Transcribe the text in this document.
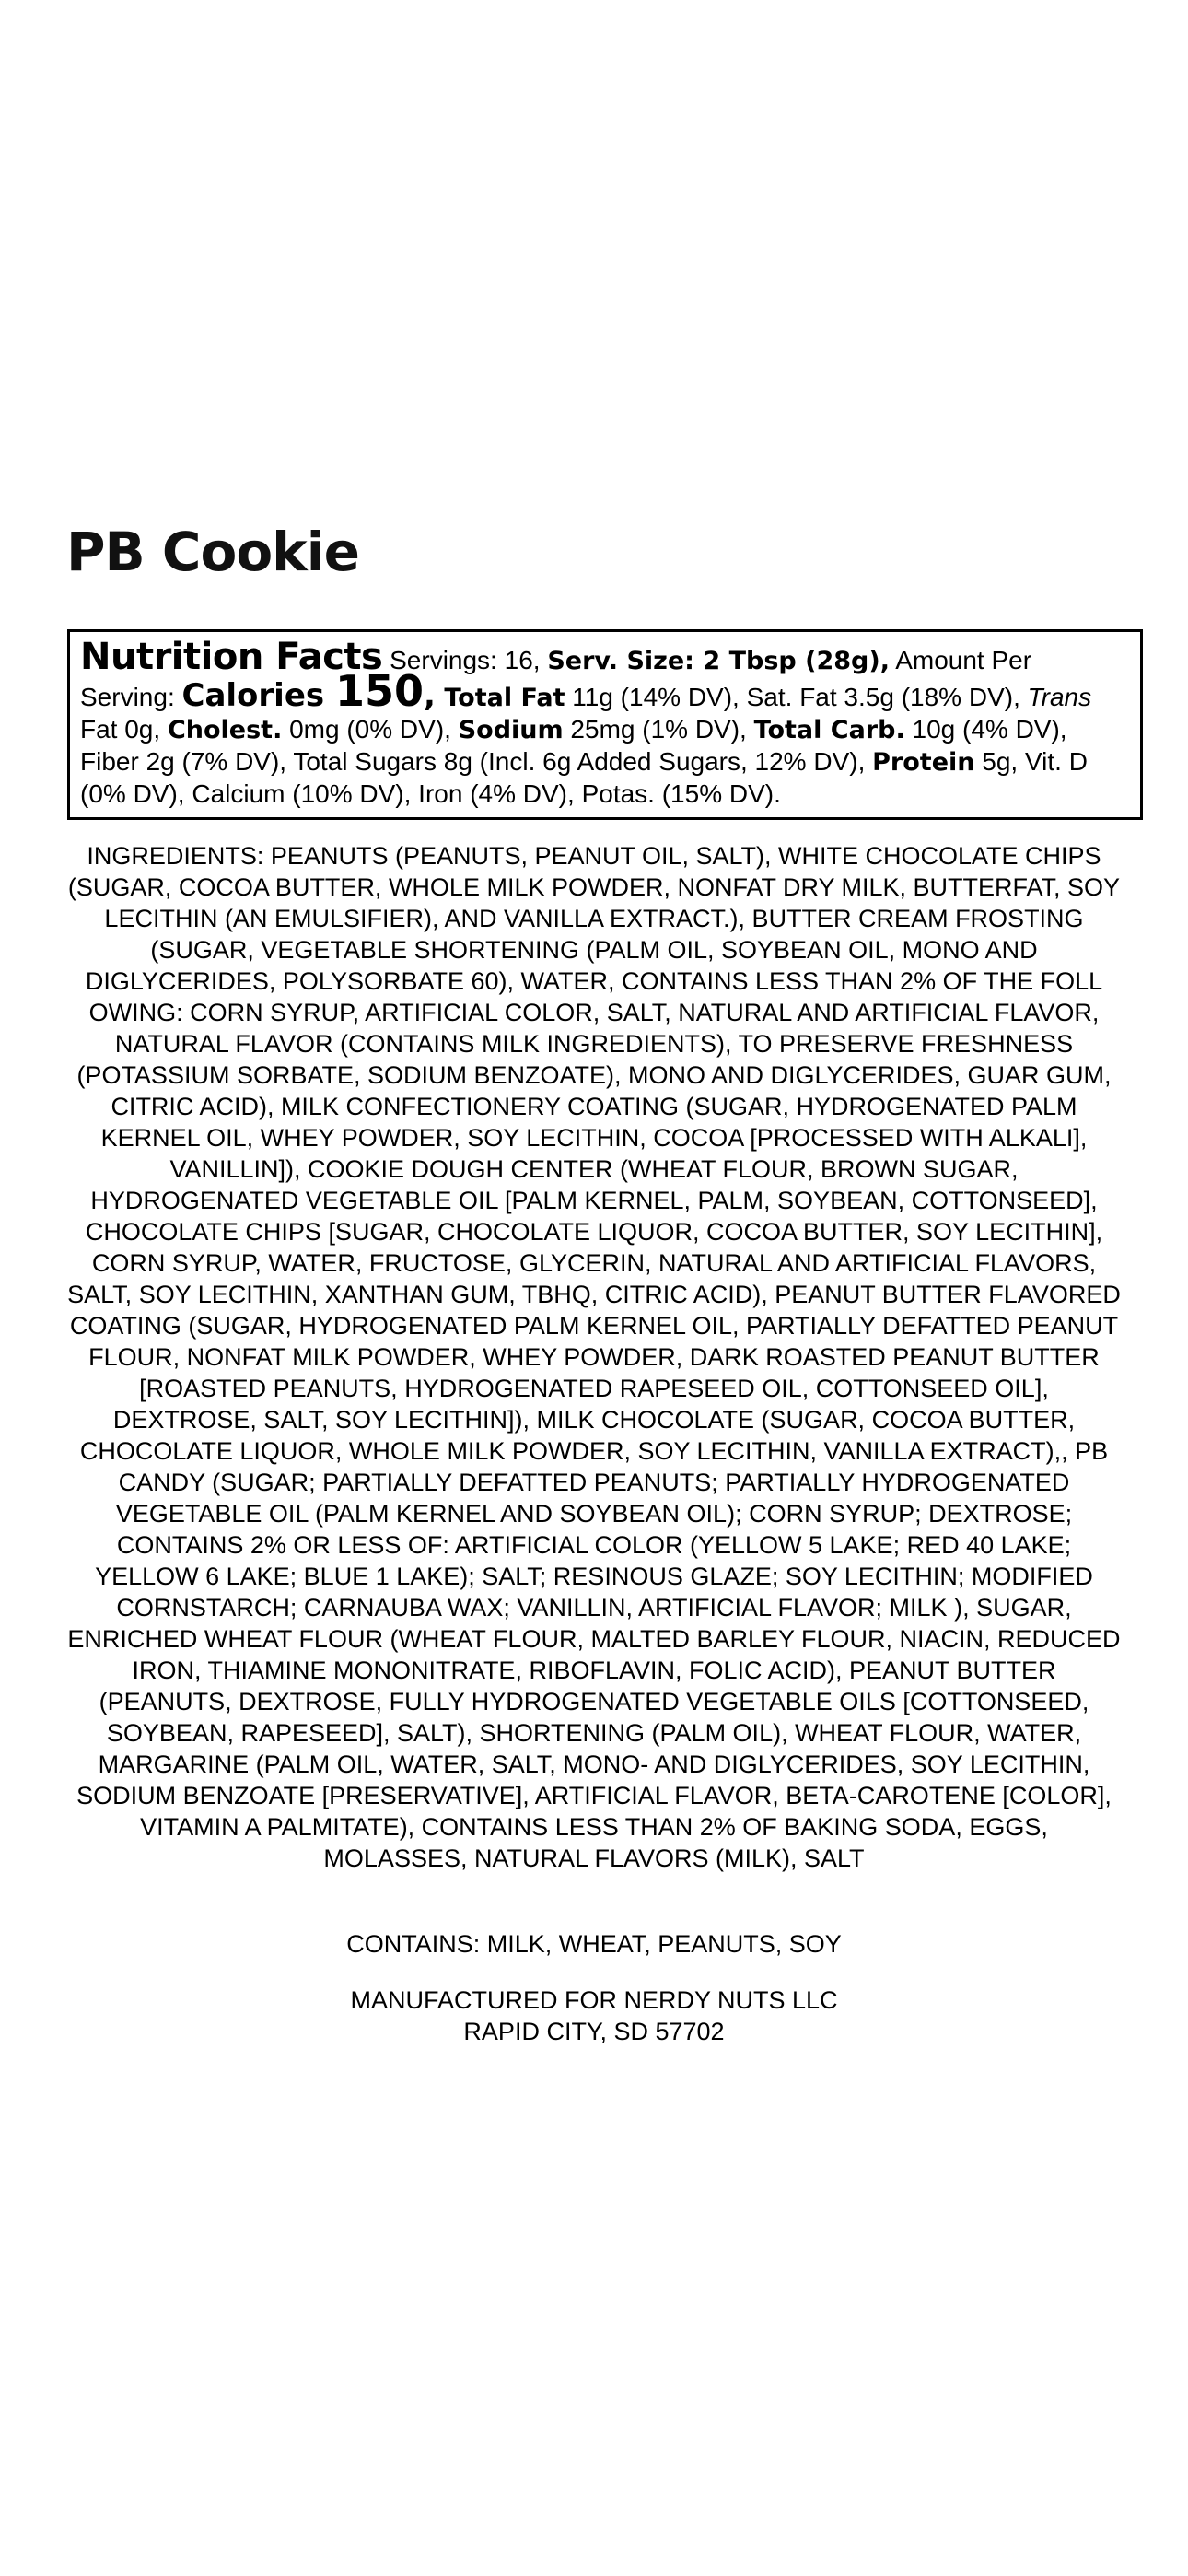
PB Cookie

Nutrition Facts Servings: 16, Serv. Size: 2 Tbsp (28g), Amount Per Serving: Calories 150, Total Fat 11g (14% DV), Sat. Fat 3.5g (18% DV), Trans Fat 0g, Cholest. 0mg (0% DV), Sodium 25mg (1% DV), Total Carb. 10g (4% DV), Fiber 2g (7% DV), Total Sugars 8g (Incl. 6g Added Sugars, 12% DV), Protein 5g, Vit. D (0% DV), Calcium (10% DV), Iron (4% DV), Potas. (15% DV).

INGREDIENTS: PEANUTS (PEANUTS, PEANUT OIL, SALT), WHITE CHOCOLATE CHIPS (SUGAR, COCOA BUTTER, WHOLE MILK POWDER, NONFAT DRY MILK, BUTTERFAT, SOY LECITHIN (AN EMULSIFIER), AND VANILLA EXTRACT.), BUTTER CREAM FROSTING (SUGAR, VEGETABLE SHORTENING (PALM OIL, SOYBEAN OIL, MONO AND DIGLYCERIDES, POLYSORBATE 60), WATER, CONTAINS LESS THAN 2% OF THE FOLL OWING: CORN SYRUP, ARTIFICIAL COLOR, SALT, NATURAL AND ARTIFICIAL FLAVOR, NATURAL FLAVOR (CONTAINS MILK INGREDIENTS), TO PRESERVE FRESHNESS (POTASSIUM SORBATE, SODIUM BENZOATE), MONO AND DIGLYCERIDES, GUAR GUM, CITRIC ACID), MILK CONFECTIONERY COATING (SUGAR, HYDROGENATED PALM KERNEL OIL, WHEY POWDER, SOY LECITHIN, COCOA [PROCESSED WITH ALKALI], VANILLIN]), COOKIE DOUGH CENTER (WHEAT FLOUR, BROWN SUGAR, HYDROGENATED VEGETABLE OIL [PALM KERNEL, PALM, SOYBEAN, COTTONSEED], CHOCOLATE CHIPS [SUGAR, CHOCOLATE LIQUOR, COCOA BUTTER, SOY LECITHIN], CORN SYRUP, WATER, FRUCTOSE, GLYCERIN, NATURAL AND ARTIFICIAL FLAVORS, SALT, SOY LECITHIN, XANTHAN GUM, TBHQ, CITRIC ACID), PEANUT BUTTER FLAVORED COATING (SUGAR, HYDROGENATED PALM KERNEL OIL, PARTIALLY DEFATTED PEANUT FLOUR, NONFAT MILK POWDER, WHEY POWDER, DARK ROASTED PEANUT BUTTER [ROASTED PEANUTS, HYDROGENATED RAPESEED OIL, COTTONSEED OIL], DEXTROSE, SALT, SOY LECITHIN]), MILK CHOCOLATE (SUGAR, COCOA BUTTER, CHOCOLATE LIQUOR, WHOLE MILK POWDER, SOY LECITHIN, VANILLA EXTRACT),, PB CANDY (SUGAR; PARTIALLY DEFATTED PEANUTS; PARTIALLY HYDROGENATED VEGETABLE OIL (PALM KERNEL AND SOYBEAN OIL); CORN SYRUP; DEXTROSE; CONTAINS 2% OR LESS OF: ARTIFICIAL COLOR (YELLOW 5 LAKE; RED 40 LAKE; YELLOW 6 LAKE; BLUE 1 LAKE); SALT; RESINOUS GLAZE; SOY LECITHIN; MODIFIED CORNSTARCH; CARNAUBA WAX; VANILLIN, ARTIFICIAL FLAVOR; MILK ), SUGAR, ENRICHED WHEAT FLOUR (WHEAT FLOUR, MALTED BARLEY FLOUR, NIACIN, REDUCED IRON, THIAMINE MONONITRATE, RIBOFLAVIN, FOLIC ACID), PEANUT BUTTER (PEANUTS, DEXTROSE, FULLY HYDROGENATED VEGETABLE OILS [COTTONSEED, SOYBEAN, RAPESEED], SALT), SHORTENING (PALM OIL), WHEAT FLOUR, WATER, MARGARINE (PALM OIL, WATER, SALT, MONO- AND DIGLYCERIDES, SOY LECITHIN, SODIUM BENZOATE [PRESERVATIVE], ARTIFICIAL FLAVOR, BETA-CAROTENE [COLOR], VITAMIN A PALMITATE), CONTAINS LESS THAN 2% OF BAKING SODA, EGGS, MOLASSES, NATURAL FLAVORS (MILK), SALT

CONTAINS: MILK, WHEAT, PEANUTS, SOY

MANUFACTURED FOR NERDY NUTS LLC
RAPID CITY, SD 57702
